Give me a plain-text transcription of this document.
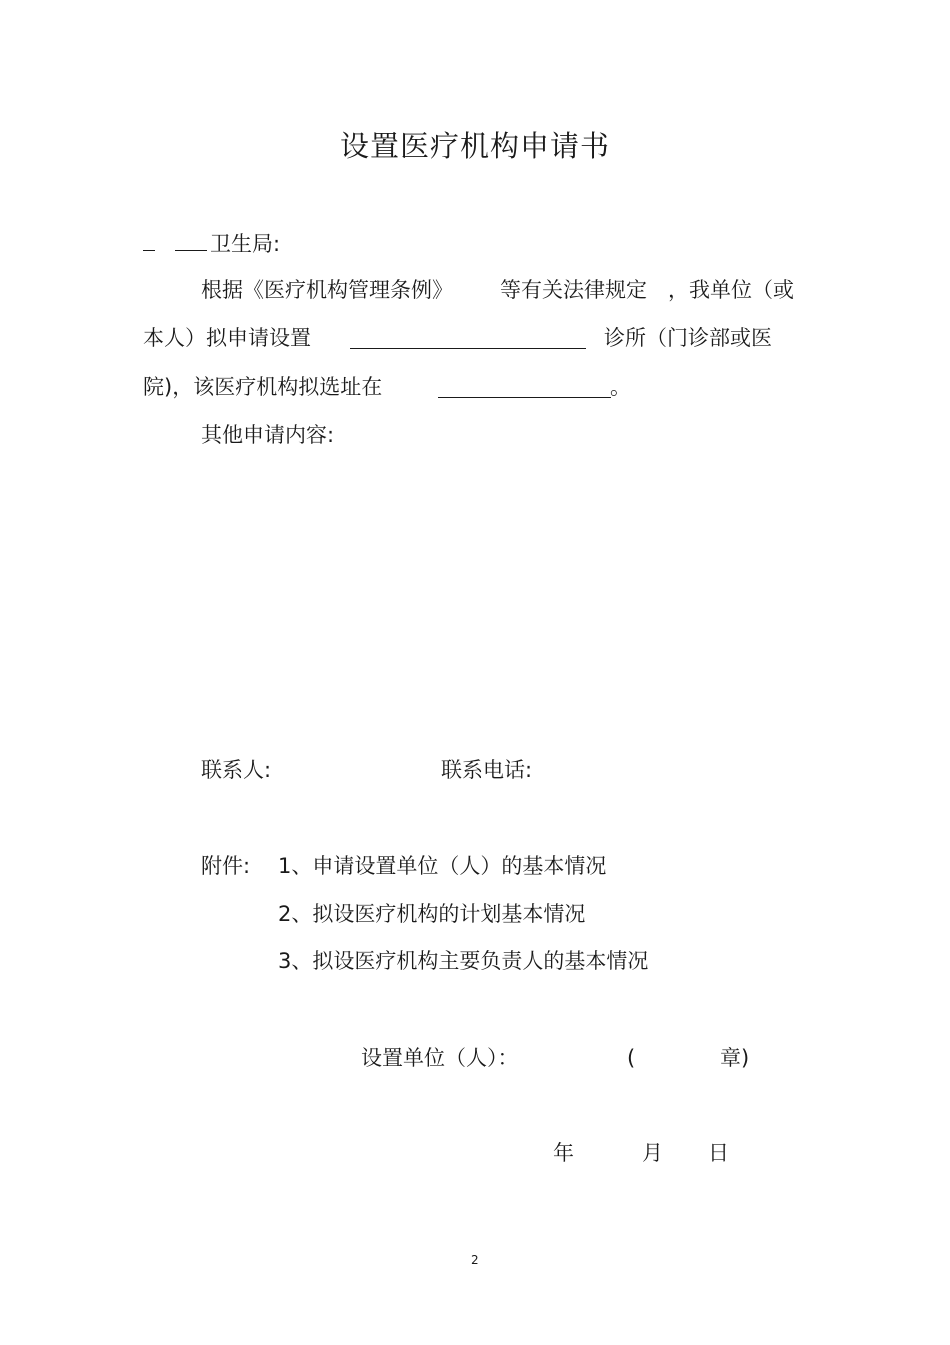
设置医疗机构申请书
卫生局:
根据《医疗机构管理条例》 等有关法律规定 ，我单位（或
本人）拟申请设置	诊所（门诊部或医
院)，该医疗机构拟选址在	。
其他申请内容:
联系人:	联系电话:
附件: 1、申请设置单位（人）的基本情况
2、拟设医疗机构的计划基本情况
3、拟设医疗机构主要负责人的基本情况
设置单位（人）：	(	章)
年	月 日
2
